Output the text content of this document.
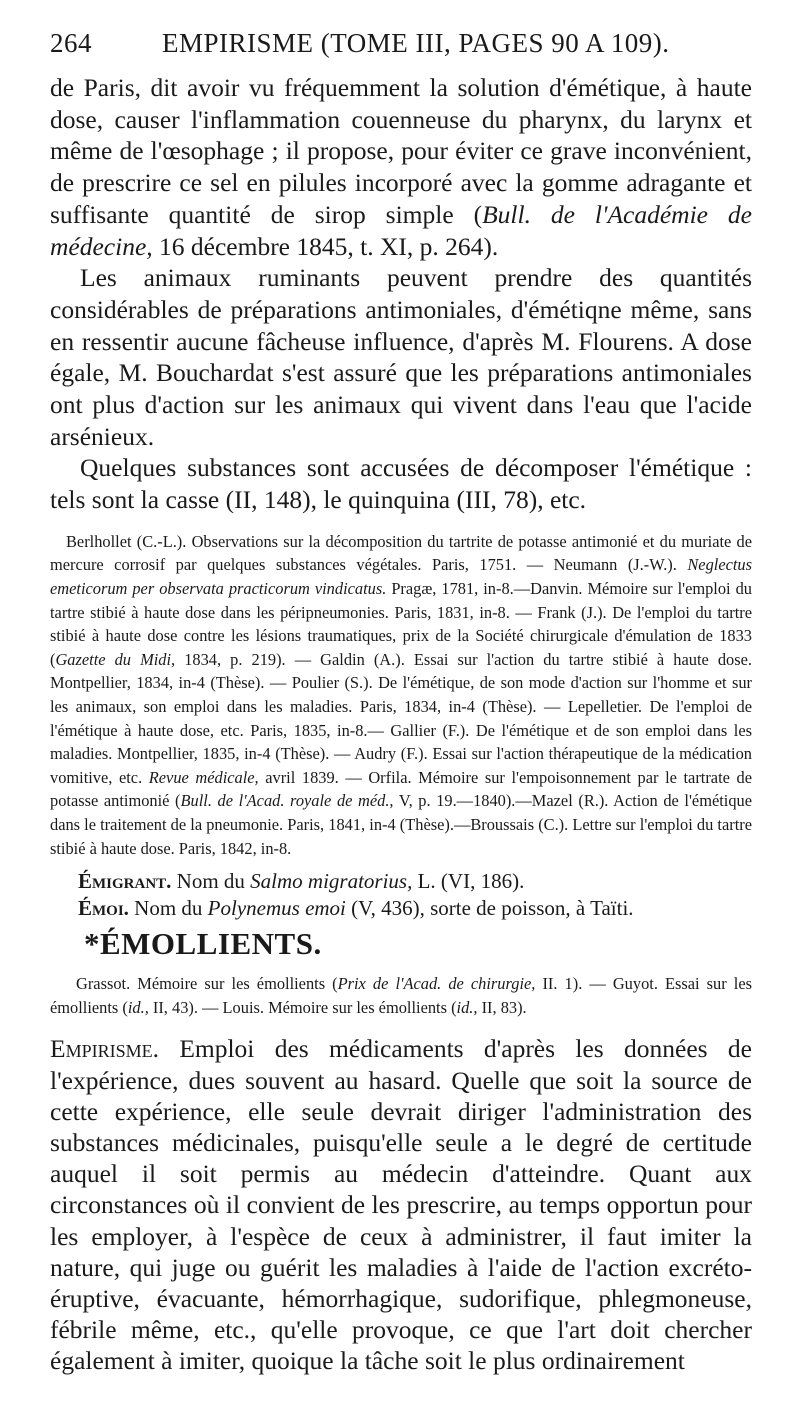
264	EMPIRISME (TOME III, PAGES 90 A 109).

de Paris, dit avoir vu fréquemment la solution d'émétique, à haute dose, causer l'inflammation couenneuse du pharynx, du larynx et même de l'œsophage ; il propose, pour éviter ce grave inconvénient, de prescrire ce sel en pilules incorporé avec la gomme adragante et suffisante quantité de sirop simple (Bull. de l'Académie de médecine, 16 décembre 1845, t. XI, p. 264).

Les animaux ruminants peuvent prendre des quantités considérables de préparations antimoniales, d'émétiqne même, sans en ressentir aucune fâcheuse influence, d'après M. Flourens. A dose égale, M. Bouchardat s'est assuré que les préparations antimoniales ont plus d'action sur les animaux qui vivent dans l'eau que l'acide arsénieux.

Quelques substances sont accusées de décomposer l'émétique : tels sont la casse (II, 148), le quinquina (III, 78), etc.

Berlhollet (C.-L.). Observations sur la décomposition du tartrite de potasse antimonié et du muriate de mercure corrosif par quelques substances végétales. Paris, 1751. — Neumann (J.-W.). Neglectus emeticorum per observata practicorum vindicatus. Pragæ, 1781, in-8.—Danvin. Mémoire sur l'emploi du tartre stibié à haute dose dans les péripneumonies. Paris, 1831, in-8. — Frank (J.). De l'emploi du tartre stibié à haute dose contre les lésions traumatiques, prix de la Société chirurgicale d'émulation de 1833 (Gazette du Midi, 1834, p. 219). — Galdin (A.). Essai sur l'action du tartre stibié à haute dose. Montpellier, 1834, in-4 (Thèse). — Poulier (S.). De l'émétique, de son mode d'action sur l'homme et sur les animaux, son emploi dans les maladies. Paris, 1834, in-4 (Thèse). — Lepelletier. De l'emploi de l'émétique à haute dose, etc. Paris, 1835, in-8.— Gallier (F.). De l'émétique et de son emploi dans les maladies. Montpellier, 1835, in-4 (Thèse). — Audry (F.). Essai sur l'action thérapeutique de la médication vomitive, etc. Revue médicale, avril 1839. — Orfila. Mémoire sur l'empoisonnement par le tartrate de potasse antimonié (Bull. de l'Acad. royale de méd., V, p. 19.—1840).—Mazel (R.). Action de l'émétique dans le traitement de la pneumonie. Paris, 1841, in-4 (Thèse).—Broussais (C.). Lettre sur l'emploi du tartre stibié à haute dose. Paris, 1842, in-8.

Émigrant. Nom du Salmo migratorius, L. (VI, 186).

Émoi. Nom du Polynemus emoi (V, 436), sorte de poisson, à Taïti.

*ÉMOLLIENTS.
Grassot. Mémoire sur les émollients (Prix de l'Acad. de chirurgie, II. 1). — Guyot. Essai sur les émollients (id., II, 43). — Louis. Mémoire sur les émollients (id., II, 83).

Empirisme. Emploi des médicaments d'après les données de l'expérience, dues souvent au hasard. Quelle que soit la source de cette expérience, elle seule devrait diriger l'administration des substances médicinales, puisqu'elle seule a le degré de certitude auquel il soit permis au médecin d'atteindre. Quant aux circonstances où il convient de les prescrire, au temps opportun pour les employer, à l'espèce de ceux à administrer, il faut imiter la nature, qui juge ou guérit les maladies à l'aide de l'action excréto-éruptive, évacuante, hémorrhagique, sudorifique, phlegmoneuse, fébrile même, etc., qu'elle provoque, ce que l'art doit chercher également à imiter, quoique la tâche soit le plus ordinairement
